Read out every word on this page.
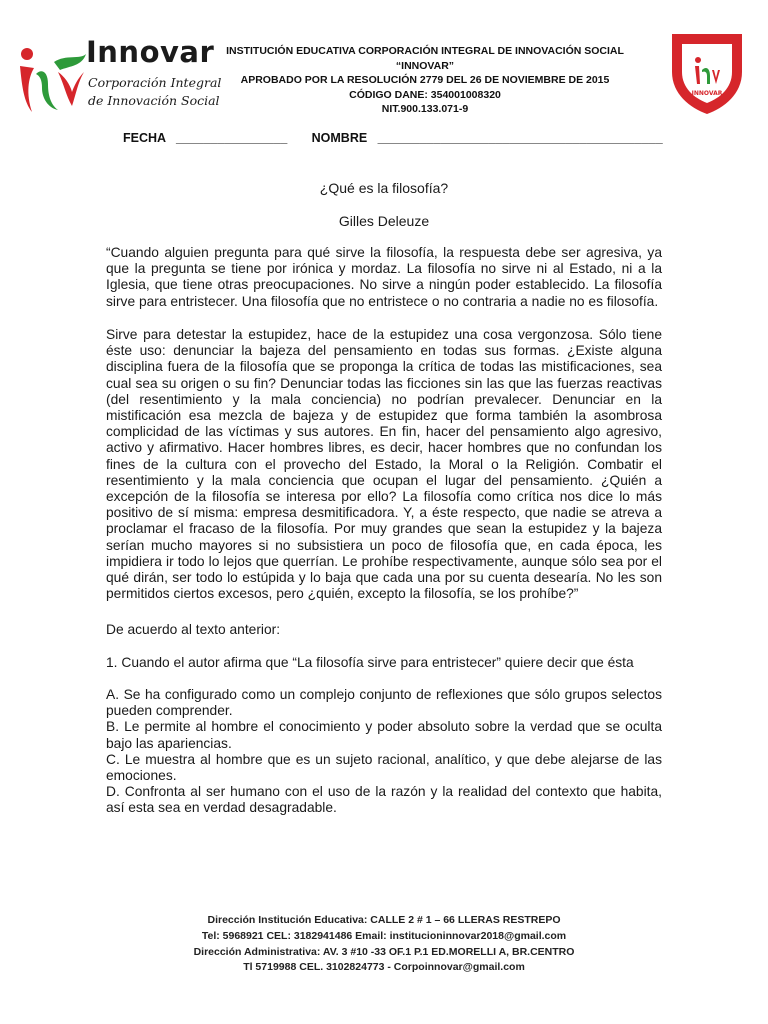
Innovar
Corporación Integral
de Innovación Social
INSTITUCIÓN EDUCATIVA CORPORACIÓN INTEGRAL DE INNOVACIÓN SOCIAL
“INNOVAR”
APROBADO POR LA RESOLUCIÓN 2779 DEL 26 DE NOVIEMBRE DE 2015
CÓDIGO DANE: 354001008320
NIT.900.133.071-9
INNOVAR
FECHA ________________ NOMBRE _________________________________________
¿Qué es la filosofía?
Gilles Deleuze

“Cuando alguien pregunta para qué sirve la filosofía, la respuesta debe ser agresiva, ya que la pregunta se tiene por irónica y mordaz. La filosofía no sirve ni al Estado, ni a la Iglesia, que tiene otras preocupaciones. No sirve a ningún poder establecido. La filosofía sirve para entristecer. Una filosofía que no entristece o no contraria a nadie no es filosofía.

Sirve para detestar la estupidez, hace de la estupidez una cosa vergonzosa. Sólo tiene éste uso: denunciar la bajeza del pensamiento en todas sus formas. ¿Existe alguna disciplina fuera de la filosofía que se proponga la crítica de todas las mistificaciones, sea cual sea su origen o su fin? Denunciar todas las ficciones sin las que las fuerzas reactivas (del resentimiento y la mala conciencia) no podrían prevalecer. Denunciar en la mistificación esa mezcla de bajeza y de estupidez que forma también la asombrosa complicidad de las víctimas y sus autores. En fin, hacer del pensamiento algo agresivo, activo y afirmativo. Hacer hombres libres, es decir, hacer hombres que no confundan los fines de la cultura con el provecho del Estado, la Moral o la Religión. Combatir el resentimiento y la mala conciencia que ocupan el lugar del pensamiento. ¿Quién a excepción de la filosofía se interesa por ello? La filosofía como crítica nos dice lo más positivo de sí misma: empresa desmitificadora. Y, a éste respecto, que nadie se atreva a proclamar el fracaso de la filosofía. Por muy grandes que sean la estupidez y la bajeza serían mucho mayores si no subsistiera un poco de filosofía que, en cada época, les impidiera ir todo lo lejos que querrían. Le prohíbe respectivamente, aunque sólo sea por el qué dirán, ser todo lo estúpida y lo baja que cada una por su cuenta desearía. No les son permitidos ciertos excesos, pero ¿quién, excepto la filosofía, se los prohíbe?”

De acuerdo al texto anterior:

1. Cuando el autor afirma que “La filosofía sirve para entristecer” quiere decir que ésta

A. Se ha configurado como un complejo conjunto de reflexiones que sólo grupos selectos pueden comprender.
B. Le permite al hombre el conocimiento y poder absoluto sobre la verdad que se oculta bajo las apariencias.
C. Le muestra al hombre que es un sujeto racional, analítico, y que debe alejarse de las emociones.
D. Confronta al ser humano con el uso de la razón y la realidad del contexto que habita, así esta sea en verdad desagradable.
Dirección Institución Educativa: CALLE 2 # 1 – 66 LLERAS RESTREPO
Tel: 5968921 CEL: 3182941486 Email: institucioninnovar2018@gmail.com
Dirección Administrativa: AV. 3 #10 -33 OF.1 P.1 ED.MORELLI A, BR.CENTRO
Tl 5719988 CEL. 3102824773 - Corpoinnovar@gmail.com
